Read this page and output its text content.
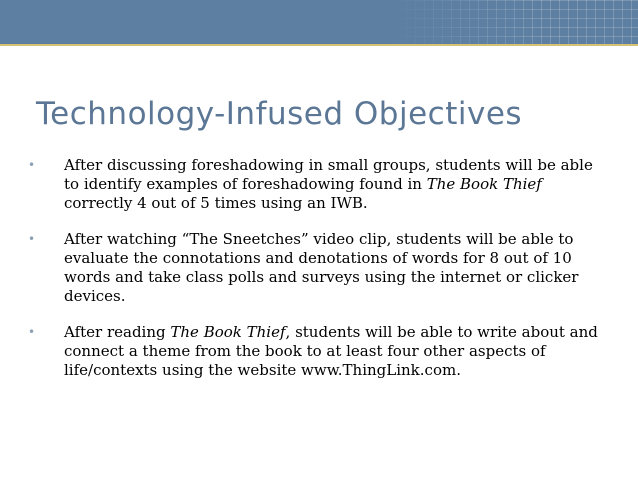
Technology-Infused Objectives
• After discussing foreshadowing in small groups, students will be able to identify examples of foreshadowing found in The Book Thief correctly 4 out of 5 times using an IWB.
• After watching “The Sneetches” video clip, students will be able to evaluate the connotations and denotations of words for 8 out of 10 words and take class polls and surveys using the internet or clicker devices.
• After reading The Book Thief, students will be able to write about and connect a theme from the book to at least four other aspects of life/contexts using the website www.ThingLink.com.
